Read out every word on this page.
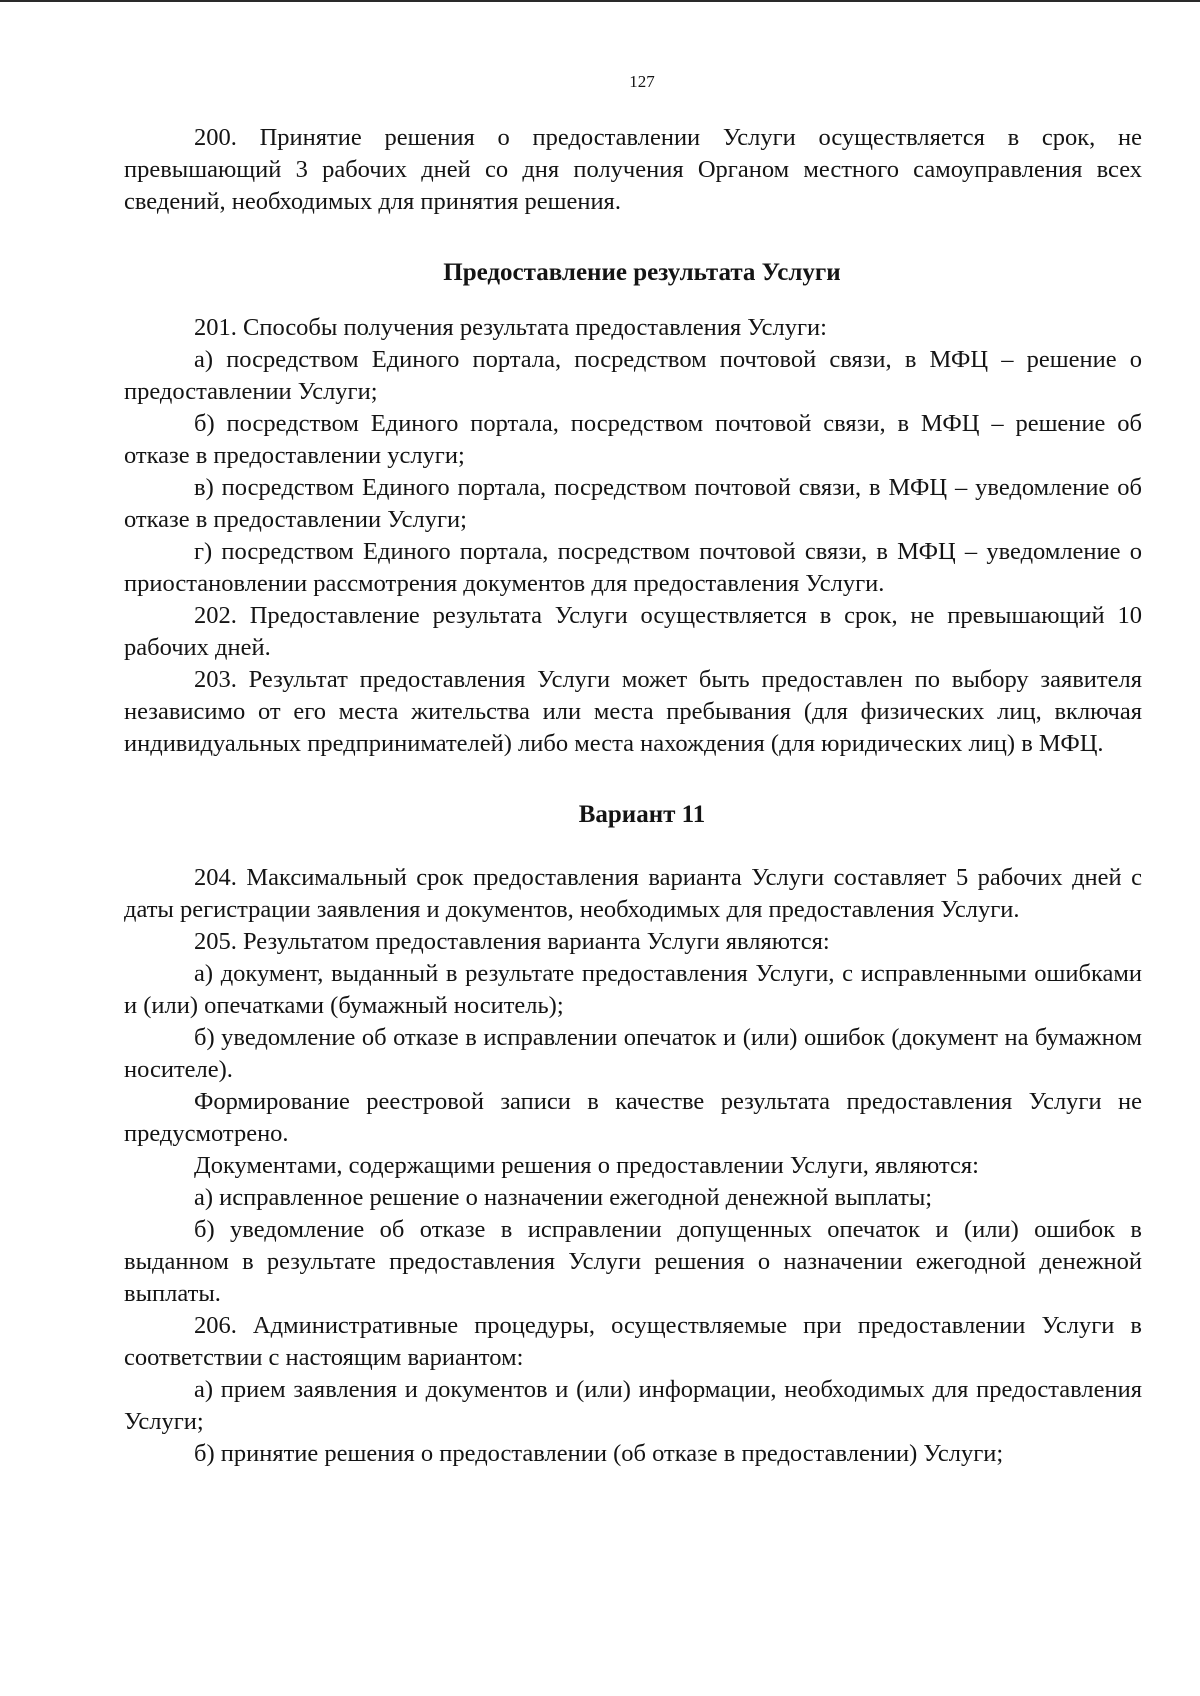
127

200. Принятие решения о предоставлении Услуги осуществляется в срок, не превышающий 3 рабочих дней со дня получения Органом местного самоуправления всех сведений, необходимых для принятия решения.

Предоставление результата Услуги

201. Способы получения результата предоставления Услуги:

а) посредством Единого портала, посредством почтовой связи, в МФЦ – решение о предоставлении Услуги;

б) посредством Единого портала, посредством почтовой связи, в МФЦ – решение об отказе в предоставлении услуги;

в) посредством Единого портала, посредством почтовой связи, в МФЦ – уведомление об отказе в предоставлении Услуги;

г) посредством Единого портала, посредством почтовой связи, в МФЦ – уведомление о приостановлении рассмотрения документов для предоставления Услуги.

202. Предоставление результата Услуги осуществляется в срок, не превышающий 10 рабочих дней.

203. Результат предоставления Услуги может быть предоставлен по выбору заявителя независимо от его места жительства или места пребывания (для физических лиц, включая индивидуальных предпринимателей) либо места нахождения (для юридических лиц) в МФЦ.

Вариант 11

204. Максимальный срок предоставления варианта Услуги составляет 5 рабочих дней с даты регистрации заявления и документов, необходимых для предоставления Услуги.

205. Результатом предоставления варианта Услуги являются:

а) документ, выданный в результате предоставления Услуги, с исправленными ошибками и (или) опечатками (бумажный носитель);

б) уведомление об отказе в исправлении опечаток и (или) ошибок (документ на бумажном носителе).

Формирование реестровой записи в качестве результата предоставления Услуги не предусмотрено.

Документами, содержащими решения о предоставлении Услуги, являются:

а) исправленное решение о назначении ежегодной денежной выплаты;

б) уведомление об отказе в исправлении допущенных опечаток и (или) ошибок в выданном в результате предоставления Услуги решения о назначении ежегодной денежной выплаты.

206. Административные процедуры, осуществляемые при предоставлении Услуги в соответствии с настоящим вариантом:

а) прием заявления и документов и (или) информации, необходимых для предоставления Услуги;

б) принятие решения о предоставлении (об отказе в предоставлении) Услуги;
